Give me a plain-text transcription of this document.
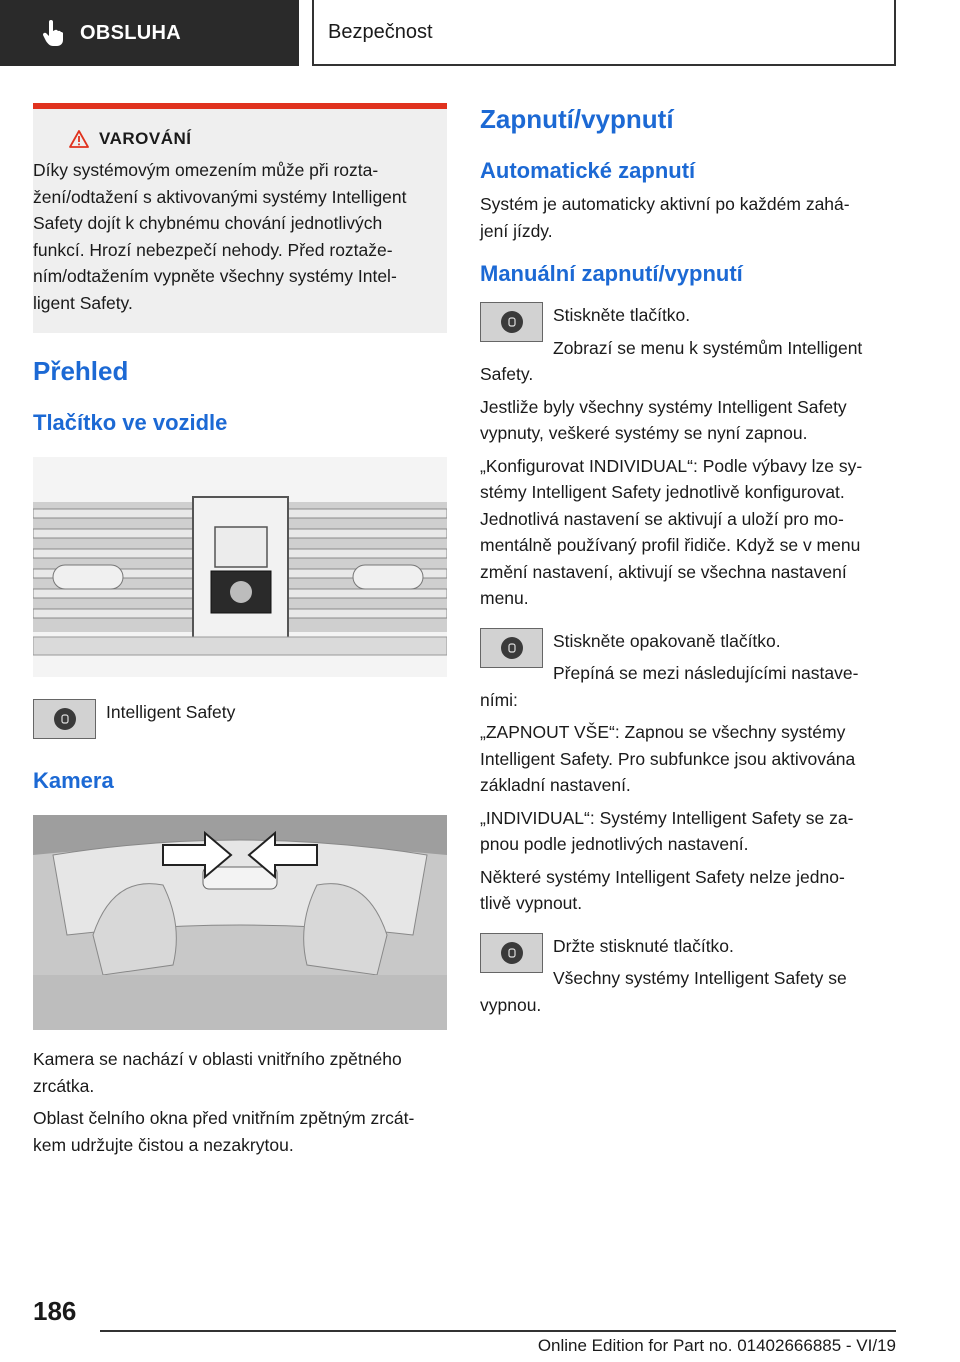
OBSLUHA	Bezpečnost
VAROVÁNÍ
Díky systémovým omezením může při rozta-
žení/odtažení s aktivovanými systémy Intelligent
Safety dojít k chybnému chování jednotlivých
funkcí. Hrozí nebezpečí nehody. Před roztaže-
ním/odtažením vypněte všechny systémy Intel-
ligent Safety.
Přehled
Tlačítko ve vozidle
Intelligent Safety
Kamera
Kamera se nachází v oblasti vnitřního zpětného
zrcátka.
Oblast čelního okna před vnitřním zpětným zrcát-
kem udržujte čistou a nezakrytou.
Zapnutí/vypnutí
Automatické zapnutí
Systém je automaticky aktivní po každém zahá-
jení jízdy.
Manuální zapnutí/vypnutí
Stiskněte tlačítko.
Zobrazí se menu k systémům Intelligent
Safety.
Jestliže byly všechny systémy Intelligent Safety
vypnuty, veškeré systémy se nyní zapnou.
„Konfigurovat INDIVIDUAL“: Podle výbavy lze sy-
stémy Intelligent Safety jednotlivě konfigurovat.
Jednotlivá nastavení se aktivují a uloží pro mo-
mentálně používaný profil řidiče. Když se v menu
změní nastavení, aktivují se všechna nastavení
menu.
Stiskněte opakovaně tlačítko.
Přepíná se mezi následujícími nastave-
ními:
„ZAPNOUT VŠE“: Zapnou se všechny systémy
Intelligent Safety. Pro subfunkce jsou aktivována
základní nastavení.
„INDIVIDUAL“: Systémy Intelligent Safety se za-
pnou podle jednotlivých nastavení.
Některé systémy Intelligent Safety nelze jedno-
tlivě vypnout.
Držte stisknuté tlačítko.
Všechny systémy Intelligent Safety se
vypnou.
186
Online Edition for Part no. 01402666885 - VI/19
